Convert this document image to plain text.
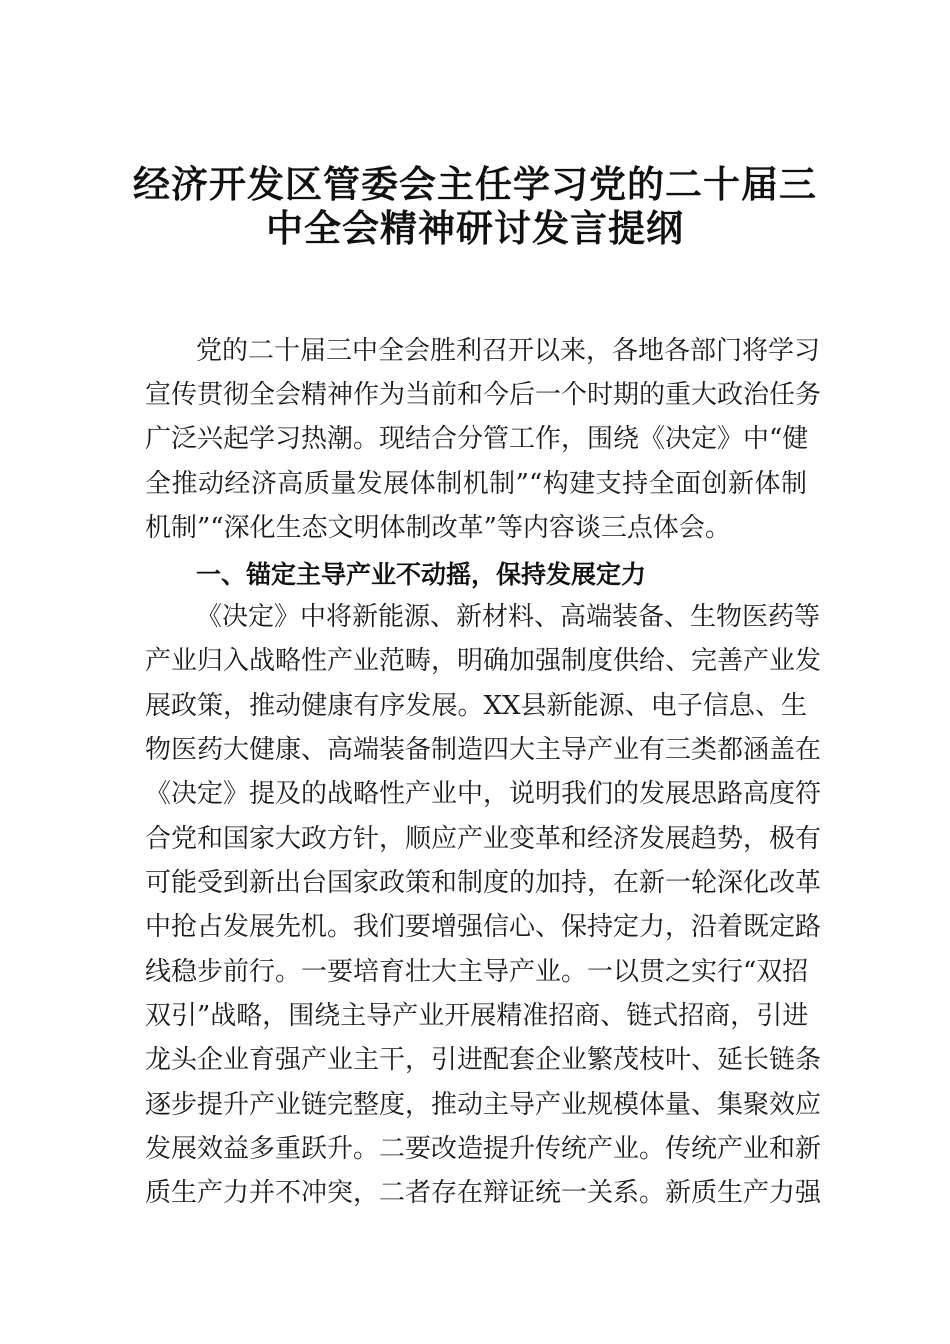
经济开发区管委会主任学习党的二十届三
中全会精神研讨发言提纲
党的二十届三中全会胜利召开以来，各地各部门将学习
宣传贯彻全会精神作为当前和今后一个时期的重大政治任务
广泛兴起学习热潮。现结合分管工作，围绕《决定》中“健
全推动经济高质量发展体制机制”“构建支持全面创新体制
机制”“深化生态文明体制改革”等内容谈三点体会。
一、锚定主导产业不动摇，保持发展定力
《决定》中将新能源、新材料、高端装备、生物医药等
产业归入战略性产业范畴，明确加强制度供给、完善产业发
展政策，推动健康有序发展。XX县新能源、电子信息、生
物医药大健康、高端装备制造四大主导产业有三类都涵盖在
《决定》提及的战略性产业中，说明我们的发展思路高度符
合党和国家大政方针，顺应产业变革和经济发展趋势，极有
可能受到新出台国家政策和制度的加持，在新一轮深化改革
中抢占发展先机。我们要增强信心、保持定力，沿着既定路
线稳步前行。一要培育壮大主导产业。一以贯之实行“双招
双引”战略，围绕主导产业开展精准招商、链式招商，引进
龙头企业育强产业主干，引进配套企业繁茂枝叶、延长链条
逐步提升产业链完整度，推动主导产业规模体量、集聚效应
发展效益多重跃升。二要改造提升传统产业。传统产业和新
质生产力并不冲突，二者存在辩证统一关系。新质生产力强
